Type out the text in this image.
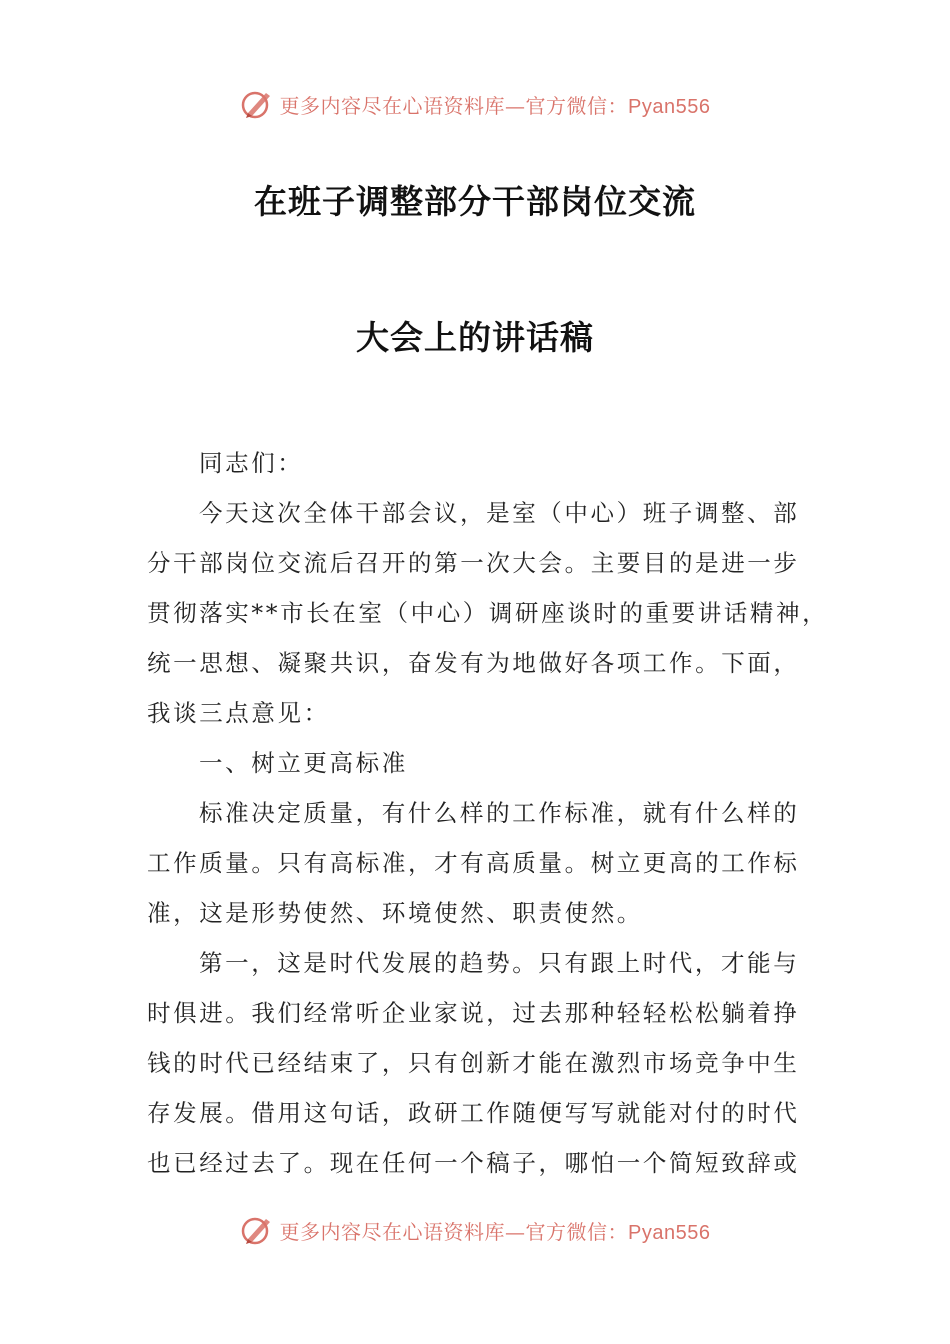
更多内容尽在心语资料库—官方微信：Pyan556
在班子调整部分干部岗位交流
大会上的讲话稿
同志们：
今天这次全体干部会议，是室（中心）班子调整、部
分干部岗位交流后召开的第一次大会。主要目的是进一步
贯彻落实**市长在室（中心）调研座谈时的重要讲话精神，
统一思想、凝聚共识，奋发有为地做好各项工作。下面，
我谈三点意见：
一、树立更高标准
标准决定质量，有什么样的工作标准，就有什么样的
工作质量。只有高标准，才有高质量。树立更高的工作标
准，这是形势使然、环境使然、职责使然。
第一，这是时代发展的趋势。只有跟上时代，才能与
时俱进。我们经常听企业家说，过去那种轻轻松松躺着挣
钱的时代已经结束了，只有创新才能在激烈市场竞争中生
存发展。借用这句话，政研工作随便写写就能对付的时代
也已经过去了。现在任何一个稿子，哪怕一个简短致辞或
更多内容尽在心语资料库—官方微信：Pyan556
